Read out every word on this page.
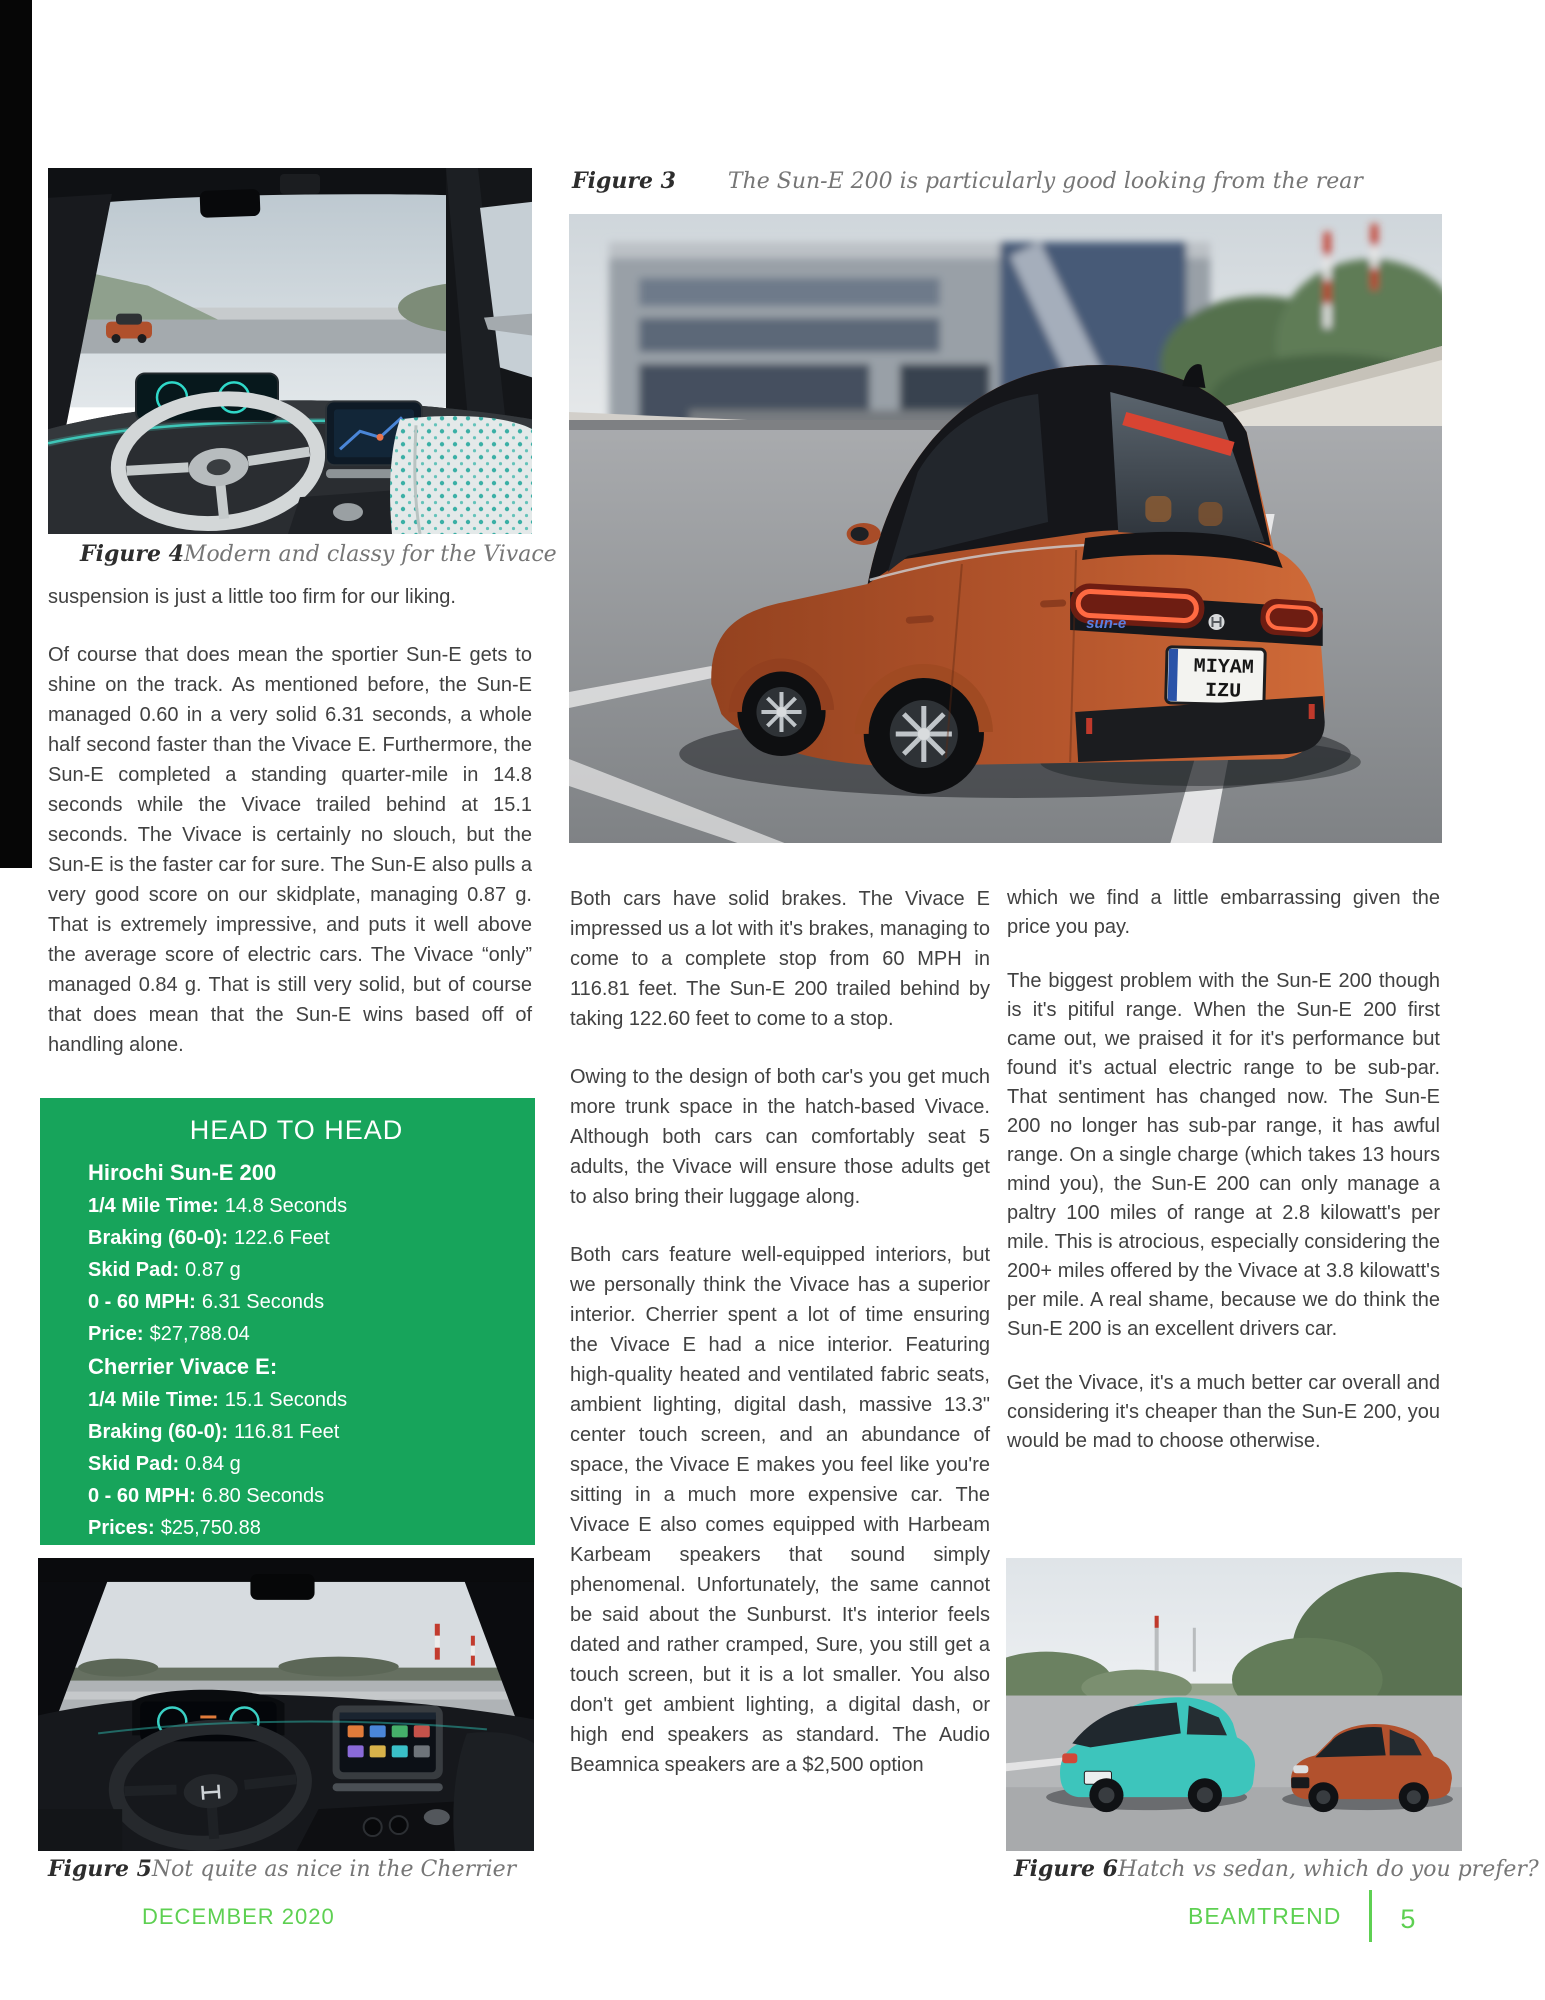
Figure 3 The Sun-E 200 is particularly good looking from the rear
sun-e
MIYAM
IZU
Figure 4 Modern and classy for the Vivace

suspension is just a little too firm for our liking.

Of course that does mean the sportier Sun-E gets to shine on the track. As mentioned before, the Sun-E managed 0.60 in a very solid 6.31 seconds, a whole half second faster than the Vivace E. Furthermore, the Sun-E completed a standing quarter-mile in 14.8 seconds while the Vivace trailed behind at 15.1 seconds. The Vivace is certainly no slouch, but the Sun-E is the faster car for sure. The Sun-E also pulls a very good score on our skidplate, managing 0.87 g. That is extremely impressive, and puts it well above the average score of electric cars. The Vivace “only” managed 0.84 g. That is still very solid, but of course that does mean that the Sun-E wins based off of handling alone.

HEAD TO HEAD
Hirochi Sun-E 200
1/4 Mile Time: 14.8 Seconds
Braking (60-0): 122.6 Feet
Skid Pad: 0.87 g
0 - 60 MPH: 6.31 Seconds
Price: $27,788.04
Cherrier Vivace E:
1/4 Mile Time: 15.1 Seconds
Braking (60-0): 116.81 Feet
Skid Pad: 0.84 g
0 - 60 MPH: 6.80 Seconds
Prices: $25,750.88
Figure 5 Not quite as nice in the Cherrier
DECEMBER 2020

Both cars have solid brakes. The Vivace E impressed us a lot with it's brakes, managing to come to a complete stop from 60 MPH in 116.81 feet. The Sun-E 200 trailed behind by taking 122.60 feet to come to a stop.

Owing to the design of both car's you get much more trunk space in the hatch-based Vivace. Although both cars can comfortably seat 5 adults, the Vivace will ensure those adults get to also bring their luggage along.

Both cars feature well-equipped interiors, but we personally think the Vivace has a superior interior. Cherrier spent a lot of time ensuring the Vivace E had a nice interior. Featuring high-quality heated and ventilated fabric seats, ambient lighting, digital dash, massive 13.3" center touch screen, and an abundance of space, the Vivace E makes you feel like you're sitting in a much more expensive car. The Vivace E also comes equipped with Harbeam Karbeam speakers that sound simply phenomenal. Unfortunately, the same cannot be said about the Sunburst. It's interior feels dated and rather cramped, Sure, you still get a touch screen, but it is a lot smaller. You also don't get ambient lighting, a digital dash, or high end speakers as standard. The Audio Beamnica speakers are a $2,500 option

which we find a little embarrassing given the price you pay.

The biggest problem with the Sun-E 200 though is it's pitiful range. When the Sun-E 200 first came out, we praised it for it's performance but found it's actual electric range to be sub-par. That sentiment has changed now. The Sun-E 200 no longer has sub-par range, it has awful range. On a single charge (which takes 13 hours mind you), the Sun-E 200 can only manage a paltry 100 miles of range at 2.8 kilowatt's per mile. This is atrocious, especially considering the 200+ miles offered by the Vivace at 3.8 kilowatt's per mile. A real shame, because we do think the Sun-E 200 is an excellent drivers car.

Get the Vivace, it's a much better car overall and considering it's cheaper than the Sun-E 200, you would be mad to choose otherwise.

Figure 6 Hatch vs sedan, which do you prefer?
BEAMTREND 5
